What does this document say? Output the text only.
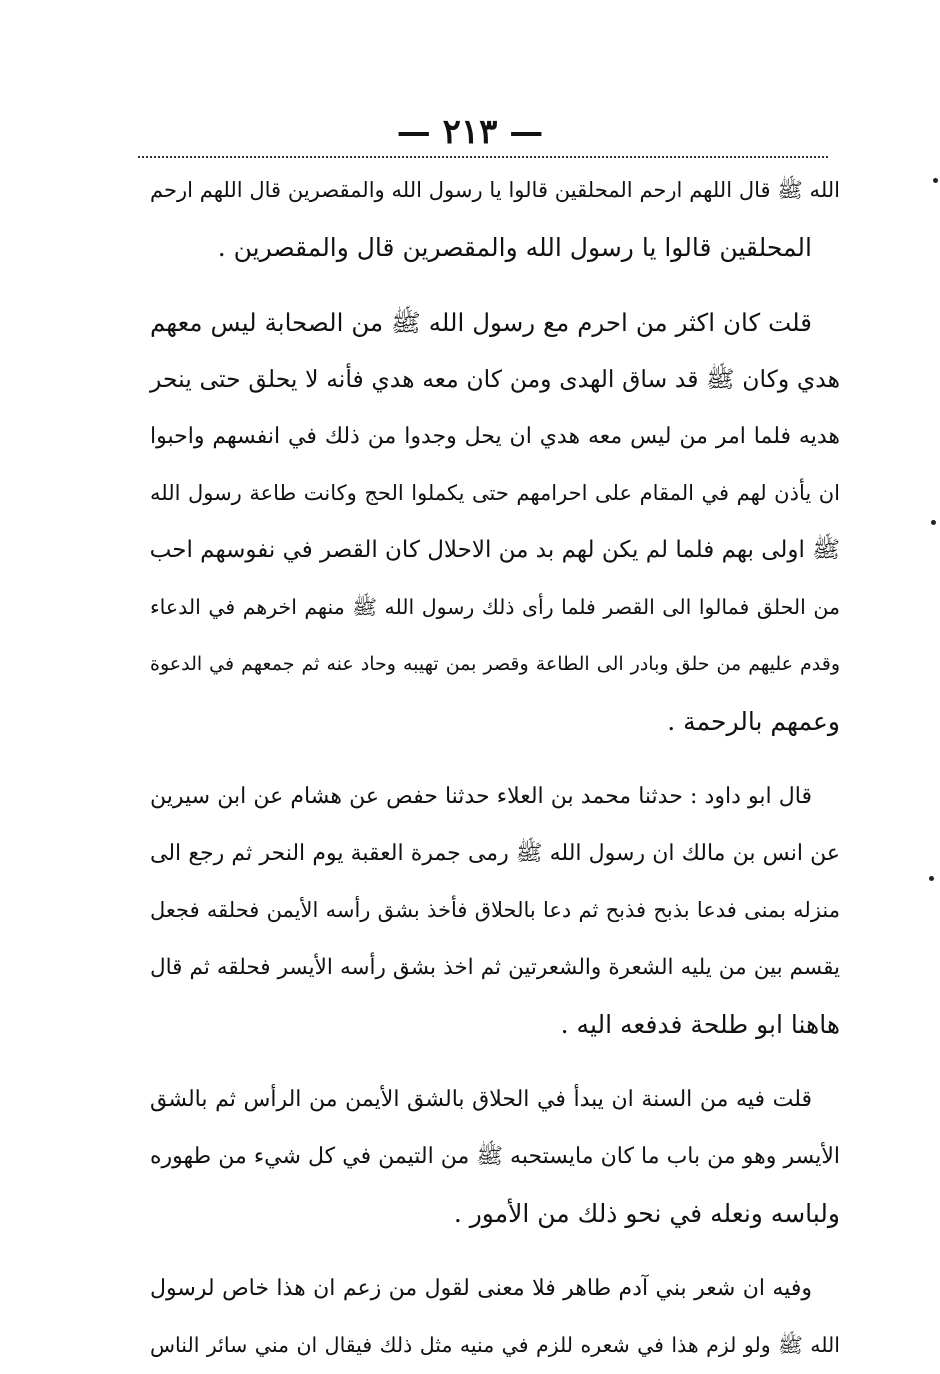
— ٢١٣ —

الله ﷺ قال اللهم ارحم المحلقين قالوا يا رسول الله والمقصرين قال اللهم ارحم
المحلقين قالوا يا رسول الله والمقصرين قال والمقصرين .

قلت كان اكثر من احرم مع رسول الله ﷺ من الصحابة ليس معهم
هدي وكان ﷺ قد ساق الهدى ومن كان معه هدي فأنه لا يحلق حتى ينحر
هديه فلما امر من ليس معه هدي ان يحل وجدوا من ذلك في انفسهم واحبوا
ان يأذن لهم في المقام على احرامهم حتى يكملوا الحج وكانت طاعة رسول الله
ﷺ اولى بهم فلما لم يكن لهم بد من الاحلال كان القصر في نفوسهم احب
من الحلق فمالوا الى القصر فلما رأى ذلك رسول الله ﷺ منهم اخرهم في الدعاء
وقدم عليهم من حلق وبادر الى الطاعة وقصر بمن تهيبه وحاد عنه ثم جمعهم في الدعوة
وعمهم بالرحمة .

قال ابو داود : حدثنا محمد بن العلاء حدثنا حفص عن هشام عن ابن سيرين
عن انس بن مالك ان رسول الله ﷺ رمى جمرة العقبة يوم النحر ثم رجع الى
منزله بمنى فدعا بذبح فذبح ثم دعا بالحلاق فأخذ بشق رأسه الأيمن فحلقه فجعل
يقسم بين من يليه الشعرة والشعرتين ثم اخذ بشق رأسه الأيسر فحلقه ثم قال
هاهنا ابو طلحة فدفعه اليه .

قلت فيه من السنة ان يبدأ في الحلاق بالشق الأيمن من الرأس ثم بالشق
الأيسر وهو من باب ما كان مايستحبه ﷺ من التيمن في كل شيء من طهوره
ولباسه ونعله في نحو ذلك من الأمور .

وفيه ان شعر بني آدم طاهر فلا معنى لقول من زعم ان هذا خاص لرسول
الله ﷺ ولو لزم هذا في شعره للزم في منيه مثل ذلك فيقال ان مني سائر الناس
